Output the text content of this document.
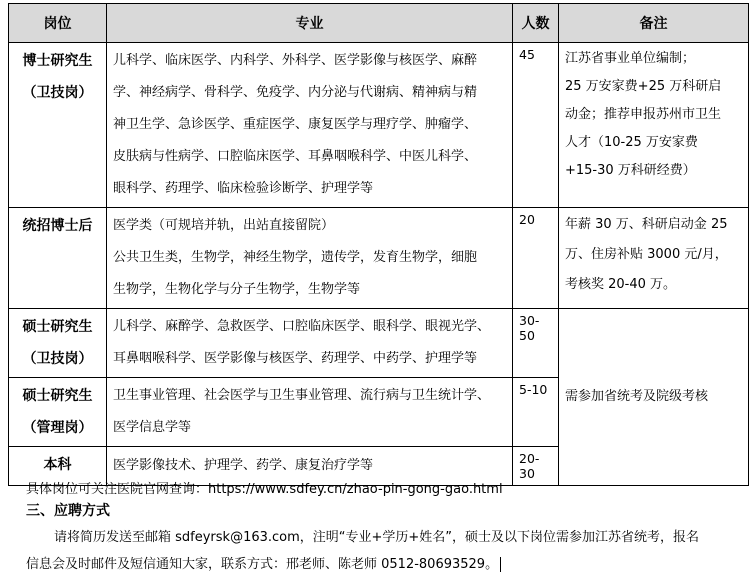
岗位	专业	人数	备注

博士研究生
（卫技岗）	儿科学、临床医学、内科学、外科学、医学影像与核医学、麻醉
学、神经病学、骨科学、免疫学、内分泌与代谢病、精神病与精
神卫生学、急诊医学、重症医学、康复医学与理疗学、肿瘤学、
皮肤病与性病学、口腔临床医学、耳鼻咽喉科学、中医儿科学、
眼科学、药理学、临床检验诊断学、护理学等	45	江苏省事业单位编制；
25 万安家费+25 万科研启
动金；推荐申报苏州市卫生
人才（10-25 万安家费
+15-30 万科研经费）

统招博士后	医学类（可规培并轨，出站直接留院）
公共卫生类，生物学，神经生物学，遗传学，发育生物学，细胞
生物学，生物化学与分子生物学，生物学等	20	年薪 30 万、科研启动金 25
万、住房补贴 3000 元/月，
考核奖 20-40 万。

硕士研究生
（卫技岗）	儿科学、麻醉学、急救医学、口腔临床医学、眼科学、眼视光学、
耳鼻咽喉科学、医学影像与核医学、药理学、中药学、护理学等	30-50	需参加省统考及院级考核

硕士研究生
（管理岗）	卫生事业管理、社会医学与卫生事业管理、流行病与卫生统计学、
医学信息学等	5-10	

本科	医学影像技术、护理学、药学、康复治疗学等	20-30	
具体岗位可关注医院官网查询：https://www.sdfey.cn/zhao-pin-gong-gao.html
三、应聘方式
请将简历发送至邮箱 sdfeyrsk@163.com，注明“专业+学历+姓名”，硕士及以下岗位需参加江苏省统考，报名
信息会及时邮件及短信通知大家，联系方式：邢老师、陈老师 0512-80693529。
